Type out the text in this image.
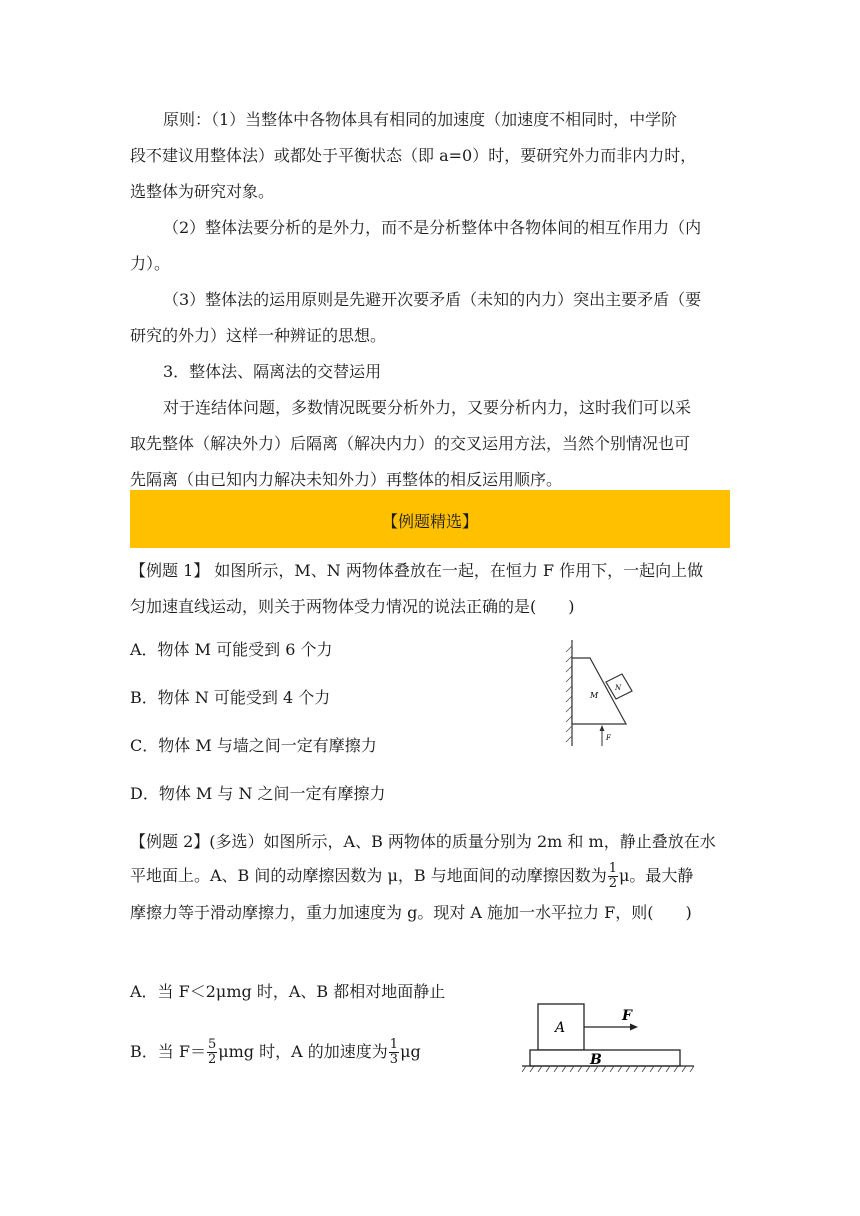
原则：（1）当整体中各物体具有相同的加速度（加速度不相同时，中学阶
段不建议用整体法）或都处于平衡状态（即 a=0）时，要研究外力而非内力时，
选整体为研究对象。
（2）整体法要分析的是外力，而不是分析整体中各物体间的相互作用力（内
力）。
（3）整体法的运用原则是先避开次要矛盾（未知的内力）突出主要矛盾（要
研究的外力）这样一种辨证的思想。
3．整体法、隔离法的交替运用
对于连结体问题，多数情况既要分析外力，又要分析内力，这时我们可以采
取先整体（解决外力）后隔离（解决内力）的交叉运用方法，当然个别情况也可
先隔离（由已知内力解决未知外力）再整体的相反运用顺序。
【例题精选】
【例题 1】 如图所示，M、N 两物体叠放在一起，在恒力 F 作用下，一起向上做
匀加速直线运动，则关于两物体受力情况的说法正确的是(　　)
A．物体 M 可能受到 6 个力
B．物体 N 可能受到 4 个力
C．物体 M 与墙之间一定有摩擦力
D．物体 M 与 N 之间一定有摩擦力
M
N
F
【例题 2】(多选）如图所示，A、B 两物体的质量分别为 2m 和 m，静止叠放在水
平地面上。A、B 间的动摩擦因数为 μ，B 与地面间的动摩擦因数为 $\frac{1}{2}$ μ。最大静
摩擦力等于滑动摩擦力，重力加速度为 g。现对 A 施加一水平拉力 F，则(　　)
A．当 F＜2μmg 时，A、B 都相对地面静止
B．当 $F= \frac{5}{2}$ μmg 时，A 的加速度为 $\frac{1}{3}$ μg
A
F
B
